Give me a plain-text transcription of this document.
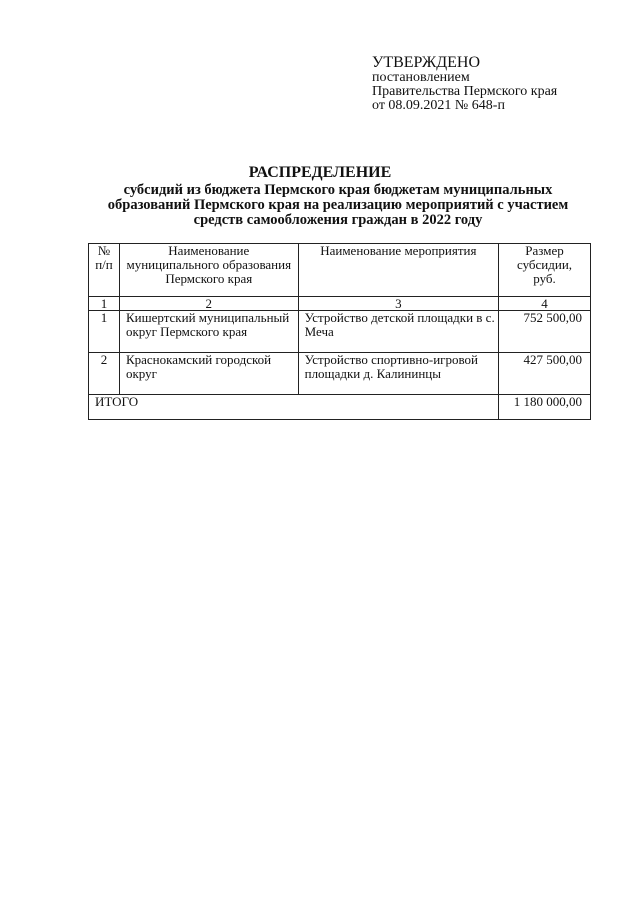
УТВЕРЖДЕНО
постановлением
Правительства Пермского края
от 08.09.2021 № 648-п
РАСПРЕДЕЛЕНИЕ
субсидий из бюджета Пермского края бюджетам муниципальных
образований Пермского края на реализацию мероприятий с участием
средств самообложения граждан в 2022 году
№ п/п	Наименование муниципального образования Пермского края	Наименование мероприятия	Размер субсидии, руб.
1	2	3	4
1	Кишертский муниципальный округ Пермского края	Устройство детской площадки в с. Меча	752 500,00
2	Краснокамский городской округ	Устройство спортивно-игровой площадки д. Калининцы	427 500,00
ИТОГО			1 180 000,00
